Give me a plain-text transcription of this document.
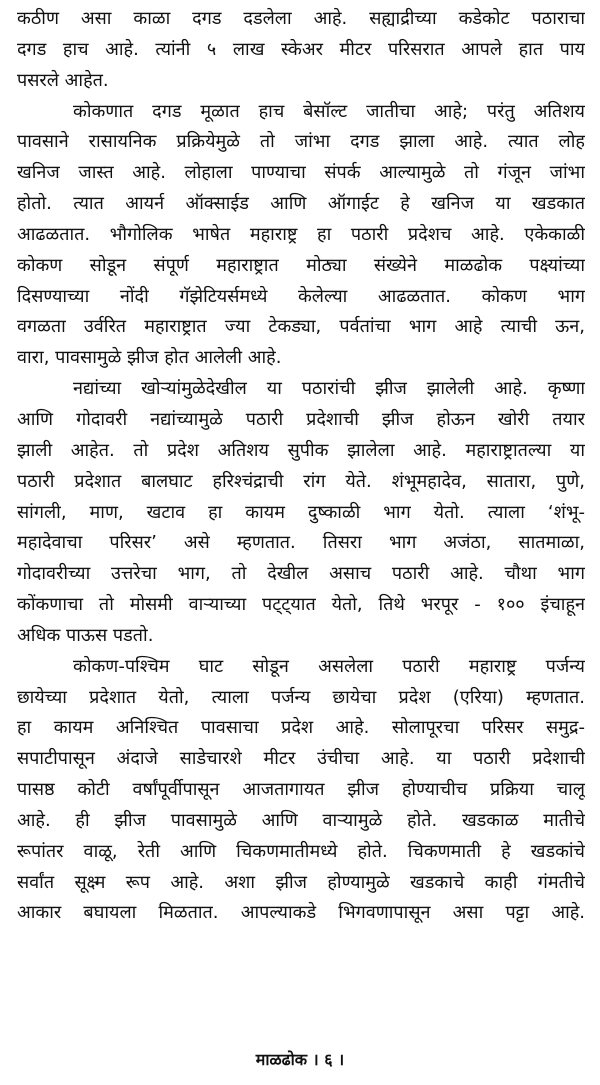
कठीण असा काळा दगड दडलेला आहे. सह्याद्रीच्या कडेकोट पठाराचा
दगड हाच आहे. त्यांनी ५ लाख स्केअर मीटर परिसरात आपले हात पाय
पसरले आहेत.
कोकणात दगड मूळात हाच बेसॉल्ट जातीचा आहे; परंतु अतिशय
पावसाने रासायनिक प्रक्रियेमुळे तो जांभा दगड झाला आहे. त्यात लोह
खनिज जास्त आहे. लोहाला पाण्याचा संपर्क आल्यामुळे तो गंजून जांभा
होतो. त्यात आयर्न ऑक्साईड आणि ऑगाईट हे खनिज या खडकात
आढळतात. भौगोलिक भाषेत महाराष्ट्र हा पठारी प्रदेशच आहे. एकेकाळी
कोकण सोडून संपूर्ण महाराष्ट्रात मोठ्या संख्येने माळढोक पक्ष्यांच्या
दिसण्याच्या नोंदी गॅझेटियर्समध्ये केलेल्या आढळतात. कोकण भाग
वगळता उर्वरित महाराष्ट्रात ज्या टेकड्या, पर्वतांचा भाग आहे त्याची ऊन,
वारा, पावसामुळे झीज होत आलेली आहे.
नद्यांच्या खोऱ्यांमुळेदेखील या पठारांची झीज झालेली आहे. कृष्णा
आणि गोदावरी नद्यांच्यामुळे पठारी प्रदेशाची झीज होऊन खोरी तयार
झाली आहेत. तो प्रदेश अतिशय सुपीक झालेला आहे. महाराष्ट्रातल्या या
पठारी प्रदेशात बालघाट हरिश्चंद्राची रांग येते. शंभूमहादेव, सातारा, पुणे,
सांगली, माण, खटाव हा कायम दुष्काळी भाग येतो. त्याला ‘शंभू-
महादेवाचा परिसर’ असे म्हणतात. तिसरा भाग अजंठा, सातमाळा,
गोदावरीच्या उत्तरेचा भाग, तो देखील असाच पठारी आहे. चौथा भाग
कोंकणाचा तो मोसमी वाऱ्याच्या पट्ट्यात येतो, तिथे भरपूर - १०० इंचाहून
अधिक पाऊस पडतो.
कोकण-पश्चिम घाट सोडून असलेला पठारी महाराष्ट्र पर्जन्य
छायेच्या प्रदेशात येतो, त्याला पर्जन्य छायेचा प्रदेश (एरिया) म्हणतात.
हा कायम अनिश्चित पावसाचा प्रदेश आहे. सोलापूरचा परिसर समुद्र-
सपाटीपासून अंदाजे साडेचारशे मीटर उंचीचा आहे. या पठारी प्रदेशाची
पासष्ठ कोटी वर्षांपूर्वीपासून आजतागायत झीज होण्याचीच प्रक्रिया चालू
आहे. ही झीज पावसामुळे आणि वाऱ्यामुळे होते. खडकाळ मातीचे
रूपांतर वाळू, रेती आणि चिकणमातीमध्ये होते. चिकणमाती हे खडकांचे
सर्वांत सूक्ष्म रूप आहे. अशा झीज होण्यामुळे खडकाचे काही गंमतीचे
आकार बघायला मिळतात. आपल्याकडे भिगवणापासून असा पट्टा आहे.
माळढोक । ६ ।
